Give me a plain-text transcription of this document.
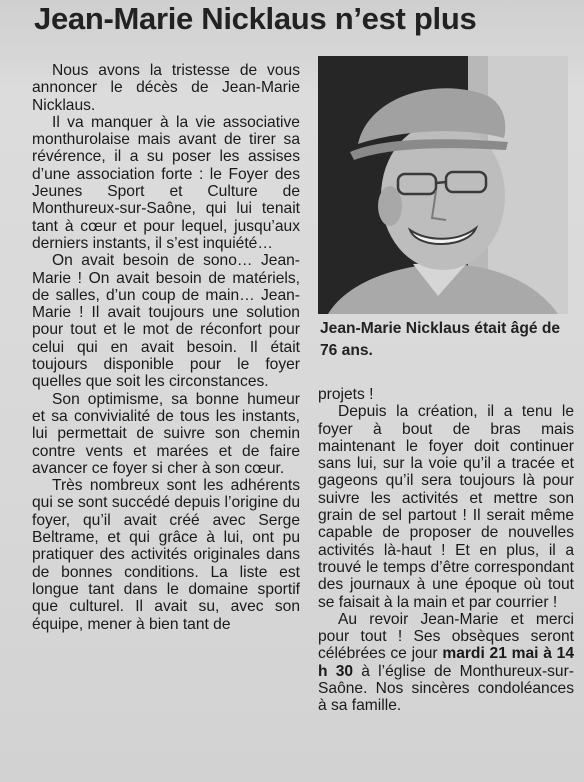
Jean-Marie Nicklaus n’est plus

Nous avons la tristesse de vous annoncer le décès de Jean-Marie Nicklaus.

Il va manquer à la vie associative monthurolaise mais avant de tirer sa révérence, il a su poser les assises d’une association forte : le Foyer des Jeunes Sport et Culture de Monthureux-sur-Saône, qui lui tenait tant à cœur et pour lequel, jusqu’aux derniers instants, il s’est inquiété…

On avait besoin de sono… Jean-Marie ! On avait besoin de matériels, de salles, d’un coup de main… Jean-Marie ! Il avait toujours une solution pour tout et le mot de réconfort pour celui qui en avait besoin. Il était toujours disponible pour le foyer quelles que soit les circonstances.

Son optimisme, sa bonne humeur et sa convivialité de tous les instants, lui permettait de suivre son chemin contre vents et marées et de faire avancer ce foyer si cher à son cœur.

Très nombreux sont les adhérents qui se sont succédé depuis l’origine du foyer, qu’il avait créé avec Serge Beltrame, et qui grâce à lui, ont pu pratiquer des activités originales dans de bonnes conditions. La liste est longue tant dans le domaine sportif que culturel. Il avait su, avec son équipe, mener à bien tant de

Jean-Marie Nicklaus était âgé de 76 ans.

projets !

Depuis la création, il a tenu le foyer à bout de bras mais maintenant le foyer doit continuer sans lui, sur la voie qu’il a tracée et gageons qu’il sera toujours là pour suivre les activités et mettre son grain de sel partout ! Il serait même capable de proposer de nouvelles activités là-haut ! Et en plus, il a trouvé le temps d’être correspondant des journaux à une époque où tout se faisait à la main et par courrier !

Au revoir Jean-Marie et merci pour tout ! Ses obsèques seront célébrées ce jour mardi 21 mai à 14 h 30 à l’église de Monthureux-sur-Saône. Nos sincères condoléances à sa famille.
